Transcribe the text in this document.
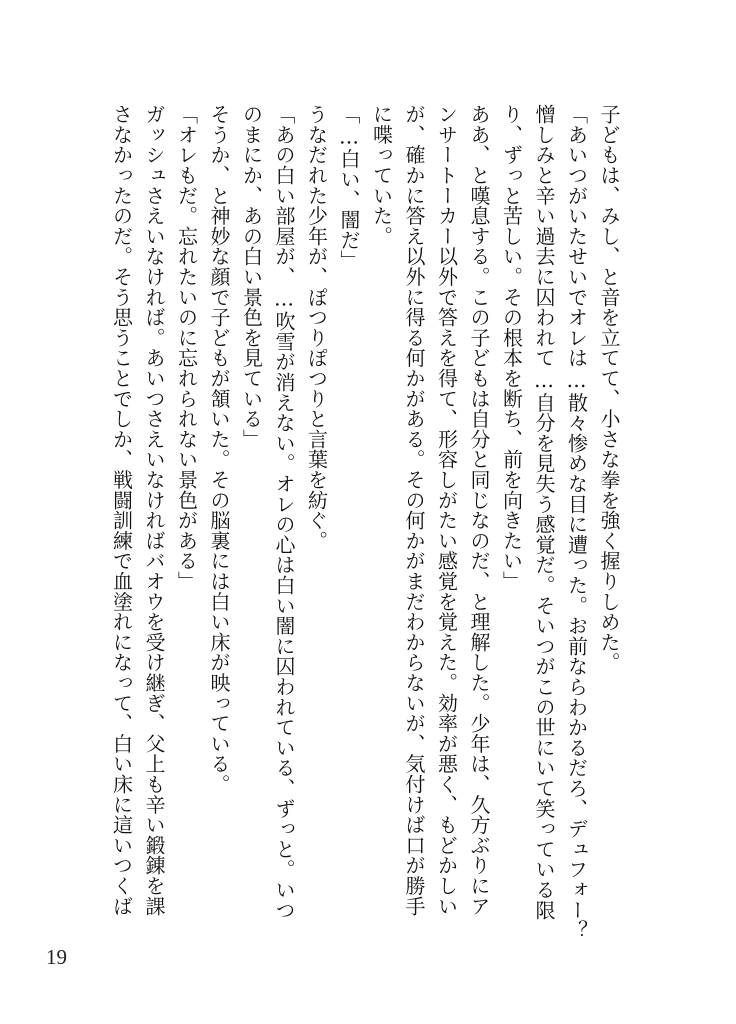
子どもは、みし、と音を立てて、小さな拳を強く握りしめた。
「あいつがいたせいでオレは…散々惨めな目に遭った。お前ならわかるだろ、デュフォー？
憎しみと辛い過去に囚われて…自分を見失う感覚だ。そいつがこの世にいて笑っている限
り、ずっと苦しい。その根本を断ち、前を向きたい」
ああ、と嘆息する。この子どもは自分と同じなのだ、と理解した。少年は、久方ぶりにア
ンサートーカー以外で答えを得て、形容しがたい感覚を覚えた。効率が悪く、もどかしい
が、確かに答え以外に得る何かがある。その何かがまだわからないが、気付けば口が勝手
に喋っていた。
「…白い、闇だ」
うなだれた少年が、ぽつりぽつりと言葉を紡ぐ。
「あの白い部屋が、…吹雪が消えない。オレの心は白い闇に囚われている、ずっと。いつ
のまにか、あの白い景色を見ている」
そうか、と神妙な顔で子どもが頷いた。その脳裏には白い床が映っている。
「オレもだ。忘れたいのに忘れられない景色がある」
ガッシュさえいなければ。あいつさえいなければバオウを受け継ぎ、父上も辛い鍛錬を課
さなかったのだ。そう思うことでしか、戦闘訓練で血塗れになって、白い床に這いつくば
19
